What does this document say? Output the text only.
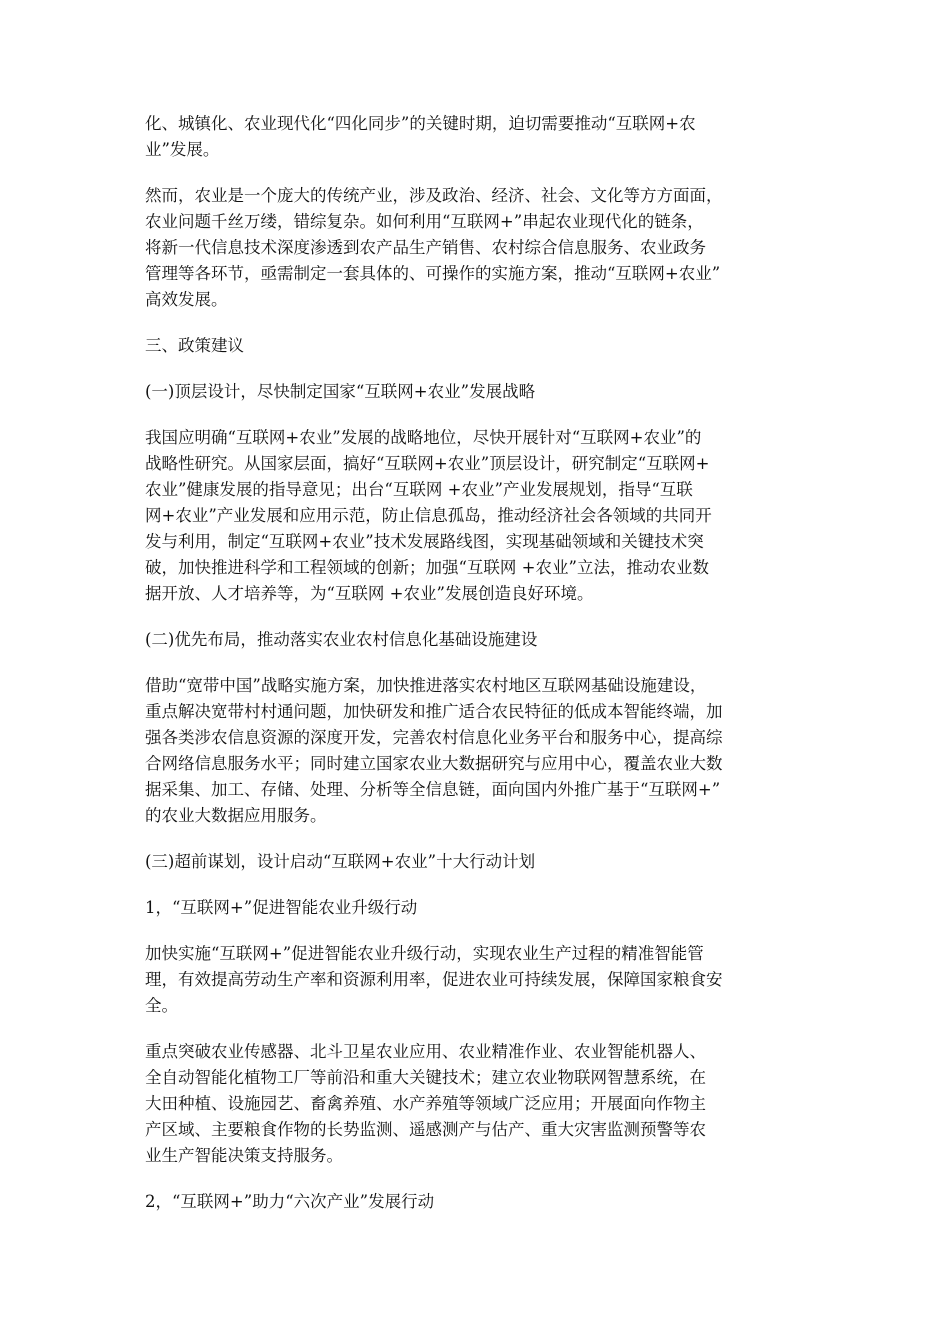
化、城镇化、农业现代化“四化同步”的关键时期，迫切需要推动“互联网+农
业”发展。
然而，农业是一个庞大的传统产业，涉及政治、经济、社会、文化等方方面面，
农业问题千丝万缕，错综复杂。如何利用“互联网+”串起农业现代化的链条，
将新一代信息技术深度渗透到农产品生产销售、农村综合信息服务、农业政务
管理等各环节，亟需制定一套具体的、可操作的实施方案，推动“互联网+农业”
高效发展。
三、政策建议
(一)顶层设计，尽快制定国家“互联网+农业”发展战略
我国应明确“互联网+农业”发展的战略地位，尽快开展针对“互联网+农业”的
战略性研究。从国家层面，搞好“互联网+农业”顶层设计，研究制定“互联网+
农业”健康发展的指导意见；出台“互联网 +农业”产业发展规划，指导“互联
网+农业”产业发展和应用示范，防止信息孤岛，推动经济社会各领域的共同开
发与利用，制定“互联网+农业”技术发展路线图，实现基础领域和关键技术突
破，加快推进科学和工程领域的创新；加强“互联网 +农业”立法，推动农业数
据开放、人才培养等，为“互联网 +农业”发展创造良好环境。
(二)优先布局，推动落实农业农村信息化基础设施建设
借助“宽带中国”战略实施方案，加快推进落实农村地区互联网基础设施建设，
重点解决宽带村村通问题，加快研发和推广适合农民特征的低成本智能终端，加
强各类涉农信息资源的深度开发，完善农村信息化业务平台和服务中心，提高综
合网络信息服务水平；同时建立国家农业大数据研究与应用中心，覆盖农业大数
据采集、加工、存储、处理、分析等全信息链，面向国内外推广基于“互联网+”
的农业大数据应用服务。
(三)超前谋划，设计启动“互联网+农业”十大行动计划
1，“互联网+”促进智能农业升级行动
加快实施“互联网+”促进智能农业升级行动，实现农业生产过程的精准智能管
理，有效提高劳动生产率和资源利用率，促进农业可持续发展，保障国家粮食安
全。
重点突破农业传感器、北斗卫星农业应用、农业精准作业、农业智能机器人、
全自动智能化植物工厂等前沿和重大关键技术；建立农业物联网智慧系统，在
大田种植、设施园艺、畜禽养殖、水产养殖等领域广泛应用；开展面向作物主
产区域、主要粮食作物的长势监测、遥感测产与估产、重大灾害监测预警等农
业生产智能决策支持服务。
2，“互联网+”助力“六次产业”发展行动
